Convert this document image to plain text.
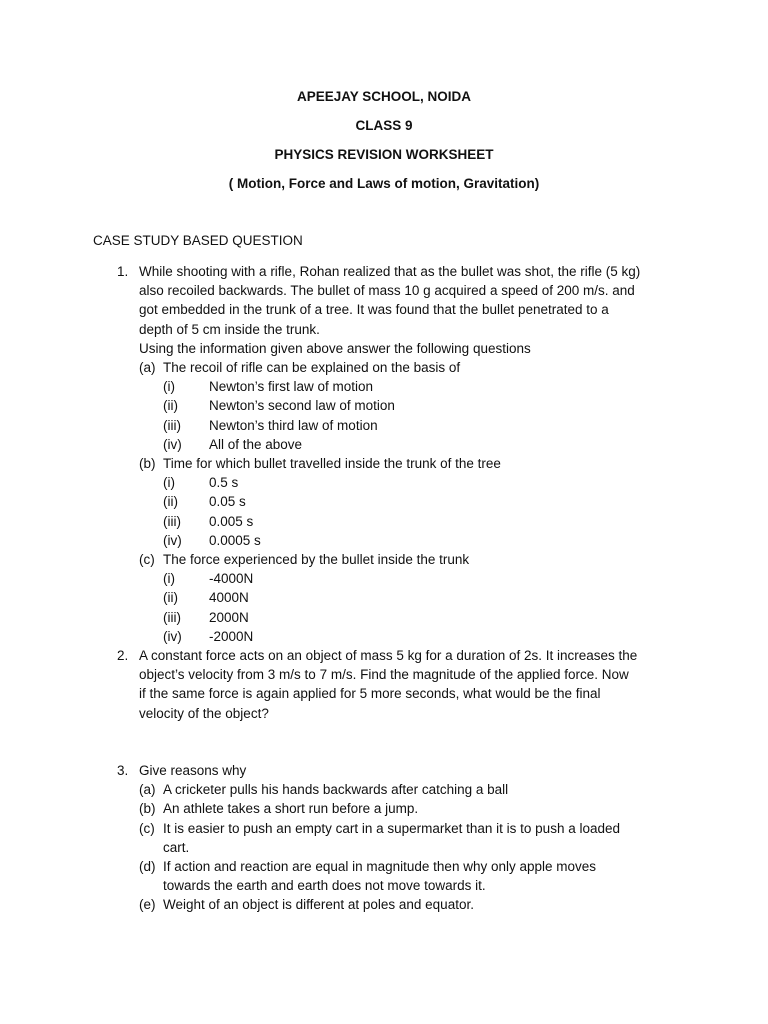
APEEJAY SCHOOL, NOIDA

CLASS 9

PHYSICS REVISION WORKSHEET

( Motion, Force and Laws of motion, Gravitation)

CASE STUDY BASED QUESTION

1. While shooting with a rifle, Rohan realized that as the bullet was shot, the rifle (5 kg)

also recoiled backwards. The bullet of mass 10 g acquired a speed of 200 m/s. and

got embedded in the trunk of a tree. It was found that the bullet penetrated to a

depth of 5 cm inside the trunk.

Using the information given above answer the following questions

(a) The recoil of rifle can be explained on the basis of
(i)	Newton’s first law of motion
(ii) Newton’s second law of motion
(iii) Newton’s third law of motion
(iv) All of the above
(b) Time for which bullet travelled inside the trunk of the tree
(i)	0.5 s
(ii) 0.05 s
(iii) 0.005 s
(iv) 0.0005 s
(c) The force experienced by the bullet inside the trunk
(i)	-4000N
(ii) 4000N
(iii) 2000N
(iv) -2000N
2. A constant force acts on an object of mass 5 kg for a duration of 2s. It increases the

object’s velocity from 3 m/s to 7 m/s. Find the magnitude of the applied force. Now

if the same force is again applied for 5 more seconds, what would be the final

velocity of the object?

3. Give reasons why

(a) A cricketer pulls his hands backwards after catching a ball

(b) An athlete takes a short run before a jump.

(c) It is easier to push an empty cart in a supermarket than it is to push a loaded

cart.

(d) If action and reaction are equal in magnitude then why only apple moves

towards the earth and earth does not move towards it.

(e) Weight of an object is different at poles and equator.
